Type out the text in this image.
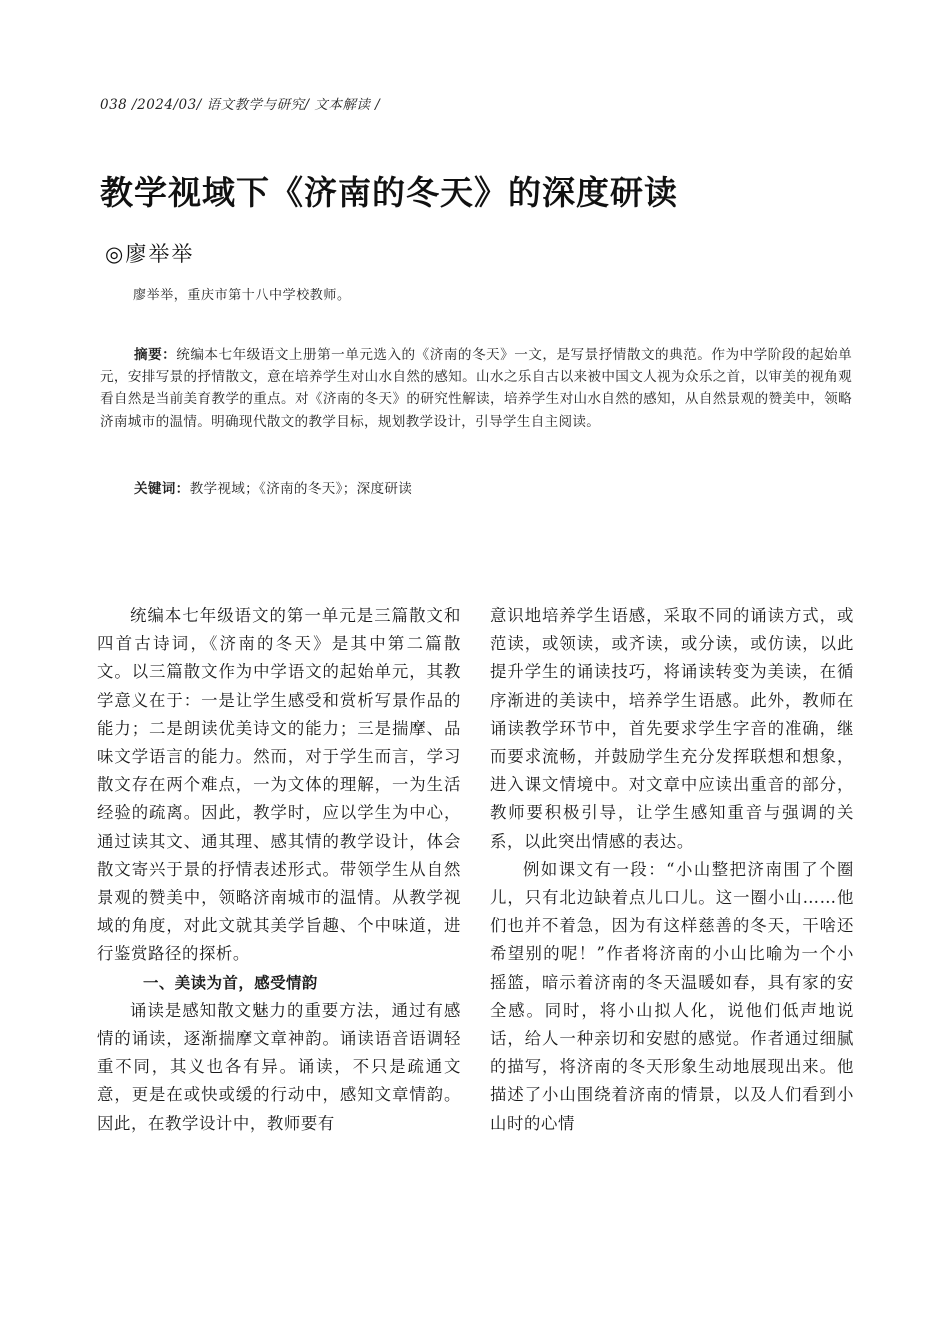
038 /2024/03/ 语文教学与研究/ 文本解读 /
教学视域下《济南的冬天》的深度研读
◎廖举举
廖举举，重庆市第十八中学校教师。
摘要：统编本七年级语文上册第一单元选入的《济南的冬天》一文，是写景抒情散文的典范。作为中学阶段的起始单元，安排写景的抒情散文，意在培养学生对山水自然的感知。山水之乐自古以来被中国文人视为众乐之首，以审美的视角观看自然是当前美育教学的重点。对《济南的冬天》的研究性解读，培养学生对山水自然的感知，从自然景观的赞美中，领略济南城市的温情。明确现代散文的教学目标，规划教学设计，引导学生自主阅读。
关键词：教学视域；《济南的冬天》；深度研读

统编本七年级语文的第一单元是三篇散文和四首古诗词，《济南的冬天》是其中第二篇散文。以三篇散文作为中学语文的起始单元，其教学意义在于：一是让学生感受和赏析写景作品的能力；二是朗读优美诗文的能力；三是揣摩、品味文学语言的能力。然而，对于学生而言，学习散文存在两个难点，一为文体的理解，一为生活经验的疏离。因此，教学时，应以学生为中心，通过读其文、通其理、感其情的教学设计，体会散文寄兴于景的抒情表述形式。带领学生从自然景观的赞美中，领略济南城市的温情。从教学视域的角度，对此文就其美学旨趣、个中味道，进行鉴赏路径的探析。

一、美读为首，感受情韵

诵读是感知散文魅力的重要方法，通过有感情的诵读，逐渐揣摩文章神韵。诵读语音语调轻重不同，其义也各有异。诵读，不只是疏通文意，更是在或快或缓的行动中，感知文章情韵。因此，在教学设计中，教师要有

意识地培养学生语感，采取不同的诵读方式，或范读，或领读，或齐读，或分读，或仿读，以此提升学生的诵读技巧，将诵读转变为美读，在循序渐进的美读中，培养学生语感。此外，教师在诵读教学环节中，首先要求学生字音的准确，继而要求流畅，并鼓励学生充分发挥联想和想象，进入课文情境中。对文章中应读出重音的部分，教师要积极引导，让学生感知重音与强调的关系，以此突出情感的表达。

例如课文有一段：“小山整把济南围了个圈儿，只有北边缺着点儿口儿。这一圈小山……他们也并不着急，因为有这样慈善的冬天，干啥还希望别的呢！”作者将济南的小山比喻为一个小摇篮，暗示着济南的冬天温暖如春，具有家的安全感。同时，将小山拟人化，说他们低声地说话，给人一种亲切和安慰的感觉。作者通过细腻的描写，将济南的冬天形象生动地展现出来。他描述了小山围绕着济南的情景，以及人们看到小山时的心情
